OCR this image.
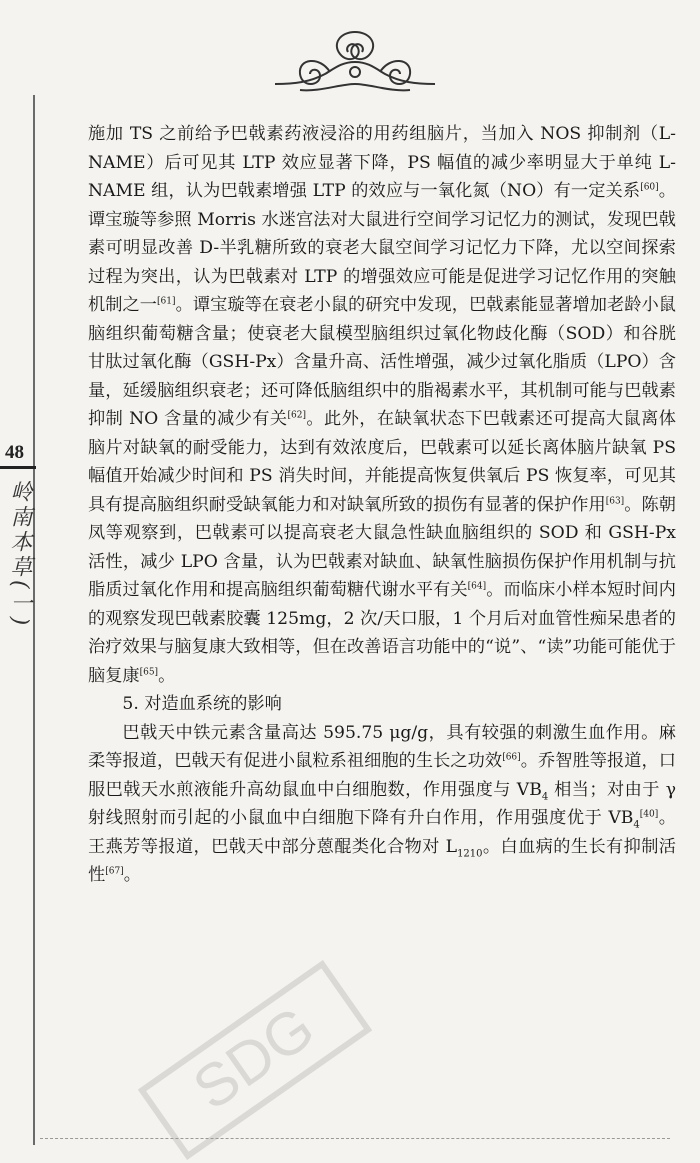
48
岭南本草(一)

施加 TS 之前给予巴戟素药液浸浴的用药组脑片，当加入 NOS 抑制剂（L-NAME）后可见其 LTP 效应显著下降，PS 幅值的减少率明显大于单纯 L-NAME 组，认为巴戟素增强 LTP 的效应与一氧化氮（NO）有一定关系[60]。谭宝璇等参照 Morris 水迷宫法对大鼠进行空间学习记忆力的测试，发现巴戟素可明显改善 D-半乳糖所致的衰老大鼠空间学习记忆力下降，尤以空间探索过程为突出，认为巴戟素对 LTP 的增强效应可能是促进学习记忆作用的突触机制之一[61]。谭宝璇等在衰老小鼠的研究中发现，巴戟素能显著增加老龄小鼠脑组织葡萄糖含量；使衰老大鼠模型脑组织过氧化物歧化酶（SOD）和谷胱甘肽过氧化酶（GSH-Px）含量升高、活性增强，减少过氧化脂质（LPO）含量，延缓脑组织衰老；还可降低脑组织中的脂褐素水平，其机制可能与巴戟素抑制 NO 含量的减少有关[62]。此外，在缺氧状态下巴戟素还可提高大鼠离体脑片对缺氧的耐受能力，达到有效浓度后，巴戟素可以延长离体脑片缺氧 PS 幅值开始减少时间和 PS 消失时间，并能提高恢复供氧后 PS 恢复率，可见其具有提高脑组织耐受缺氧能力和对缺氧所致的损伤有显著的保护作用[63]。陈朝凤等观察到，巴戟素可以提高衰老大鼠急性缺血脑组织的 SOD 和 GSH-Px 活性，减少 LPO 含量，认为巴戟素对缺血、缺氧性脑损伤保护作用机制与抗脂质过氧化作用和提高脑组织葡萄糖代谢水平有关[64]。而临床小样本短时间内的观察发现巴戟素胶囊 125mg，2 次/天口服，1 个月后对血管性痴呆患者的治疗效果与脑复康大致相等，但在改善语言功能中的“说”、“读”功能可能优于脑复康[65]。

5. 对造血系统的影响

巴戟天中铁元素含量高达 595.75 μg/g，具有较强的刺激生血作用。麻柔等报道，巴戟天有促进小鼠粒系祖细胞的生长之功效[66]。乔智胜等报道，口服巴戟天水煎液能升高幼鼠血中白细胞数，作用强度与 $VB_4$ 相当；对由于 γ 射线照射而引起的小鼠血中白细胞下降有升白作用，作用强度优于 $VB_4[40]$。王燕芳等报道，巴戟天中部分蒽醌类化合物对 $L_{1210}$。白血病的生长有抑制活性[67]。

SDG
